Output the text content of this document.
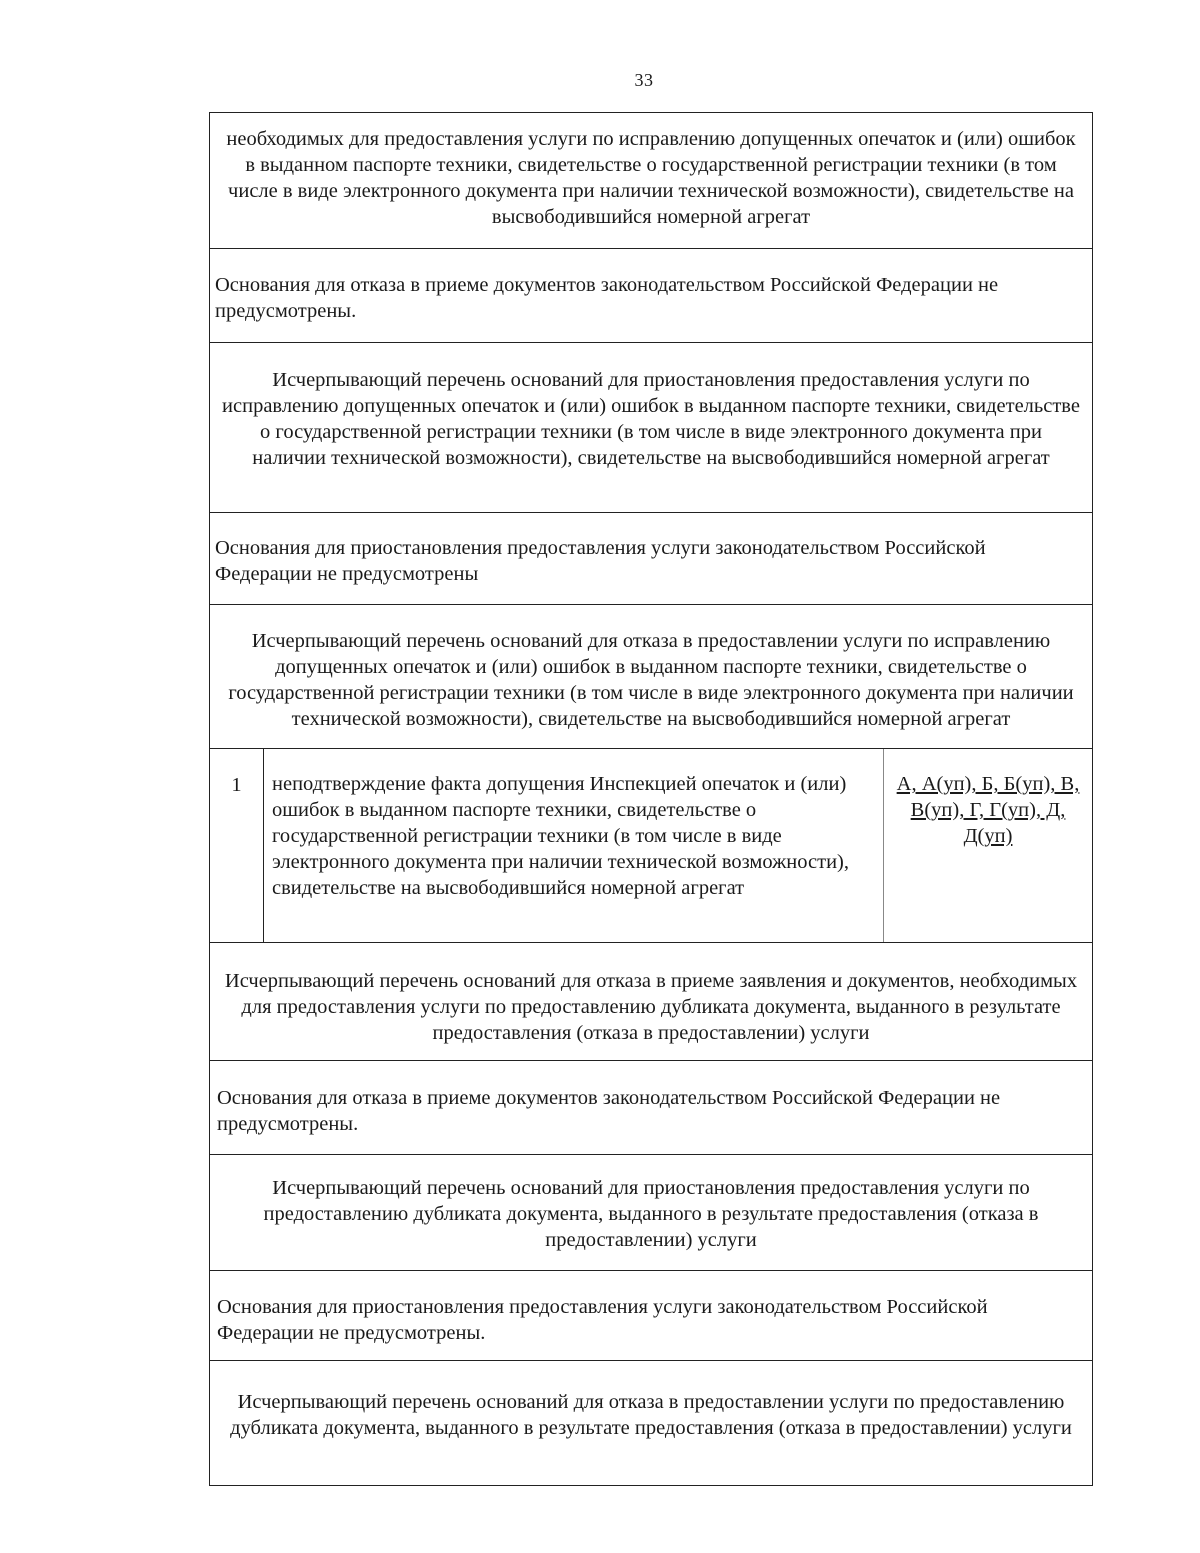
33
необходимых для предоставления услуги по исправлению допущенных опечаток и (или) ошибок в выданном паспорте техники, свидетельстве о государственной регистрации техники (в том числе в виде электронного документа при наличии технической возможности), свидетельстве на высвободившийся номерной агрегат
Основания для отказа в приеме документов законодательством Российской Федерации не предусмотрены.
Исчерпывающий перечень оснований для приостановления предоставления услуги по исправлению допущенных опечаток и (или) ошибок в выданном паспорте техники, свидетельстве о государственной регистрации техники (в том числе в виде электронного документа при наличии технической возможности), свидетельстве на высвободившийся номерной агрегат
Основания для приостановления предоставления услуги законодательством Российской Федерации не предусмотрены
Исчерпывающий перечень оснований для отказа в предоставлении услуги по исправлению допущенных опечаток и (или) ошибок в выданном паспорте техники, свидетельстве о государственной регистрации техники (в том числе в виде электронного документа при наличии технической возможности), свидетельстве на высвободившийся номерной агрегат
1	неподтверждение факта допущения Инспекцией опечаток и (или) ошибок в выданном паспорте техники, свидетельстве о государственной регистрации техники (в том числе в виде электронного документа при наличии технической возможности), свидетельстве на высвободившийся номерной агрегат
А, А(уп), Б, Б(уп), В, В(уп), Г, Г(уп), Д, Д(уп)
Исчерпывающий перечень оснований для отказа в приеме заявления и документов, необходимых для предоставления услуги по предоставлению дубликата документа, выданного в результате предоставления (отказа в предоставлении) услуги
Основания для отказа в приеме документов законодательством Российской Федерации не предусмотрены.
Исчерпывающий перечень оснований для приостановления предоставления услуги по предоставлению дубликата документа, выданного в результате предоставления (отказа в предоставлении) услуги
Основания для приостановления предоставления услуги законодательством Российской Федерации не предусмотрены.
Исчерпывающий перечень оснований для отказа в предоставлении услуги по предоставлению дубликата документа, выданного в результате предоставления (отказа в предоставлении) услуги
